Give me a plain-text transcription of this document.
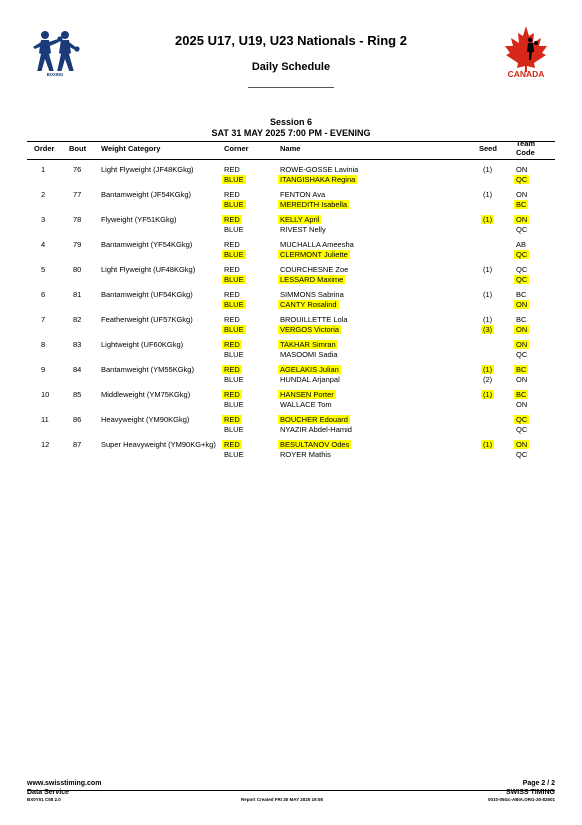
BOXING
2025 U17, U19, U23 Nationals - Ring 2
Daily Schedule
CANADA
Session 6
SAT 31 MAY 2025 7:00 PM - EVENING
Order Bout Weight Category	Corner	Name	Seed
Team
Code
1	76	Light Flyweight (JF48KGkg)	RED	ROWE-GOSSE Lavinia	(1)	ON
BLUE	ITANGISHAKA Regina	QC
2	77	Bantamweight (JF54KGkg)	RED	FENTON Ava	(1)	ON
BLUE	MEREDITH Isabella	BC
3	78	Flyweight (YF51KGkg)	RED	KELLY April	(1)	ON
BLUE	RIVEST Nelly	QC
4	79	Bantamweight (YF54KGkg)	RED	MUCHALLA Ameesha	AB
BLUE	CLERMONT Juliette	QC
5	80	Light Flyweight (UF48KGkg)	RED	COURCHESNE Zoe	(1)	QC
BLUE	LESSARD Maxime	QC
6	81	Bantamweight (UF54KGkg)	RED	SIMMONS Sabrina	(1)	BC
BLUE	CANTY Rosalind	ON
7	82	Featherweight (UF57KGkg)	RED	BROUILLETTE Lola	(1)	BC
BLUE	VERGOS Victoria	(3)	ON
8	83	Lightweight (UF60KGkg)	RED	TAKHAR Simran	ON
BLUE	MASOOMI Sadia	QC
9	84	Bantamweight (YM55KGkg)	RED	AGELAKIS Julian	(1)	BC
BLUE	HUNDAL Arjanpal	(2)	ON
10	85	Middleweight (YM75KGkg)	RED	HANSEN Porter	(1)	BC
BLUE	WALLACE Tom	ON
11	86	Heavyweight (YM90KGkg)	RED	BOUCHER Edouard	QC
BLUE	NYAZIR Abdel-Hamid	QC
12	87	Super Heavyweight (YM90KG+kg) RED	BESULTANOV Odes	(1)	ON
BLUE	ROYER Mathis	QC
www.swisstiming.com
Data Service
BX0Y01 C58 2.0	Report Created FRI 30 MAY 2025 19:55
Page 2 / 2
SWISS TIMING
0010-05Gc-ABIA.ORG-30-82601
